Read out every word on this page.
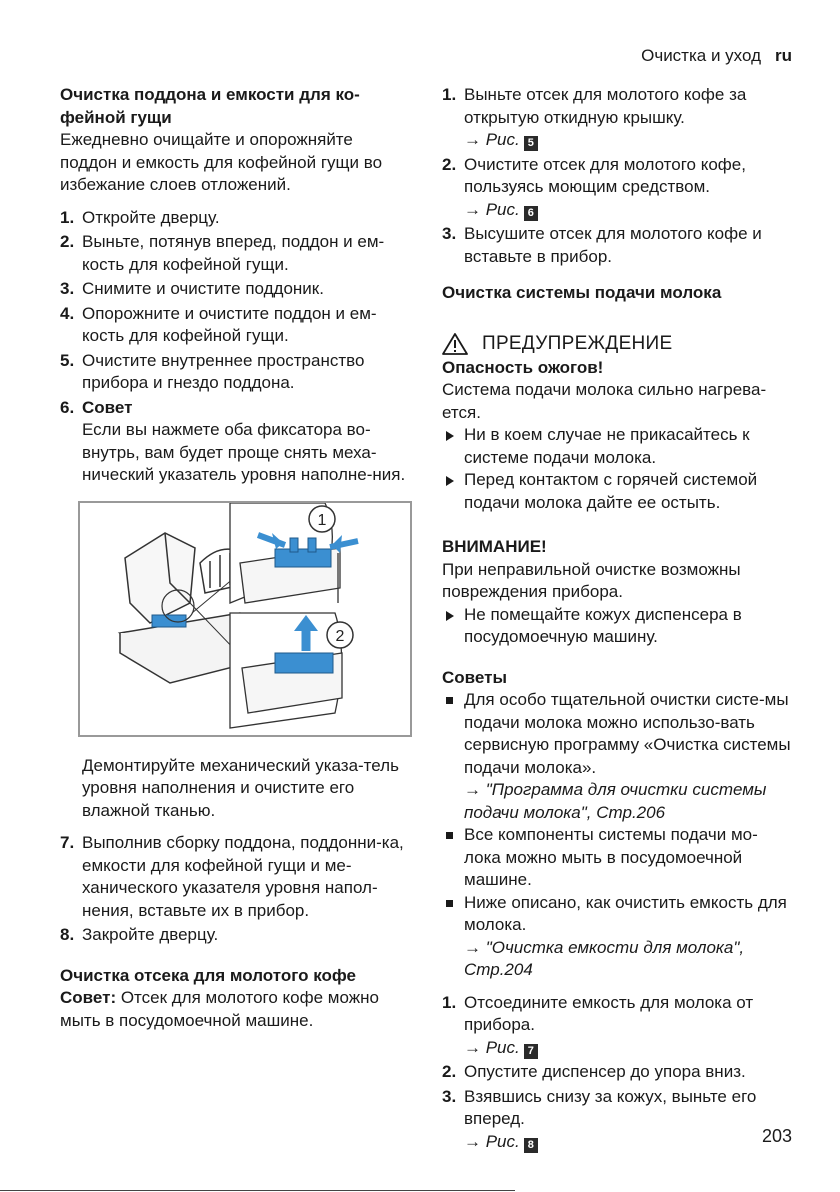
Очистка и уход ru

Очистка поддона и емкости для ко-фейной гущи

Ежедневно очищайте и опорожняйте поддон и емкость для кофейной гущи во избежание слоев отложений.

1. Откройте дверцу.
2. Выньте, потянув вперед, поддон и ем-кость для кофейной гущи.
3. Снимите и очистите поддоник.
4. Опорожните и очистите поддон и ем-кость для кофейной гущи.
5. Очистите внутреннее пространство прибора и гнездо поддона.
6. Совет

Если вы нажмете оба фиксатора во-внутрь, вам будет проще снять меха-нический указатель уровня наполне-ния.

1
2

Демонтируйте механический указа-тель уровня наполнения и очистите его влажной тканью.

7. Выполнив сборку поддона, поддонни-ка, емкости для кофейной гущи и ме-ханического указателя уровня напол-нения, вставьте их в прибор.
8. Закройте дверцу.

Очистка отсека для молотого кофе

Совет: Отсек для молотого кофе можно мыть в посудомоечной машине.

1. Выньте отсек для молотого кофе за открытую откидную крышку.
→ Рис. 5
2. Очистите отсек для молотого кофе, пользуясь моющим средством.
→ Рис. 6
3. Высушите отсек для молотого кофе и вставьте в прибор.

Очистка системы подачи молока

ПРЕДУПРЕЖДЕНИЕ

Опасность ожогов!

Система подачи молока сильно нагрева-ется.

Ни в коем случае не прикасайтесь к системе подачи молока.
Перед контактом с горячей системой подачи молока дайте ее остыть.

ВНИМАНИЕ!

При неправильной очистке возможны повреждения прибора.

Не помещайте кожух диспенсера в посудомоечную машину.

Советы

Для особо тщательной очистки систе-мы подачи молока можно использо-вать сервисную программу «Очистка системы подачи молока».
→ "Программа для очистки системы подачи молока", Стр.206
Все компоненты системы подачи мо-лока можно мыть в посудомоечной машине.
Ниже описано, как очистить емкость для молока.
→ "Очистка емкости для молока", Стр.204
1. Отсоедините емкость для молока от прибора.
→ Рис. 7
2. Опустите диспенсер до упора вниз.
3. Взявшись снизу за кожух, выньте его вперед.
→ Рис. 8	203
